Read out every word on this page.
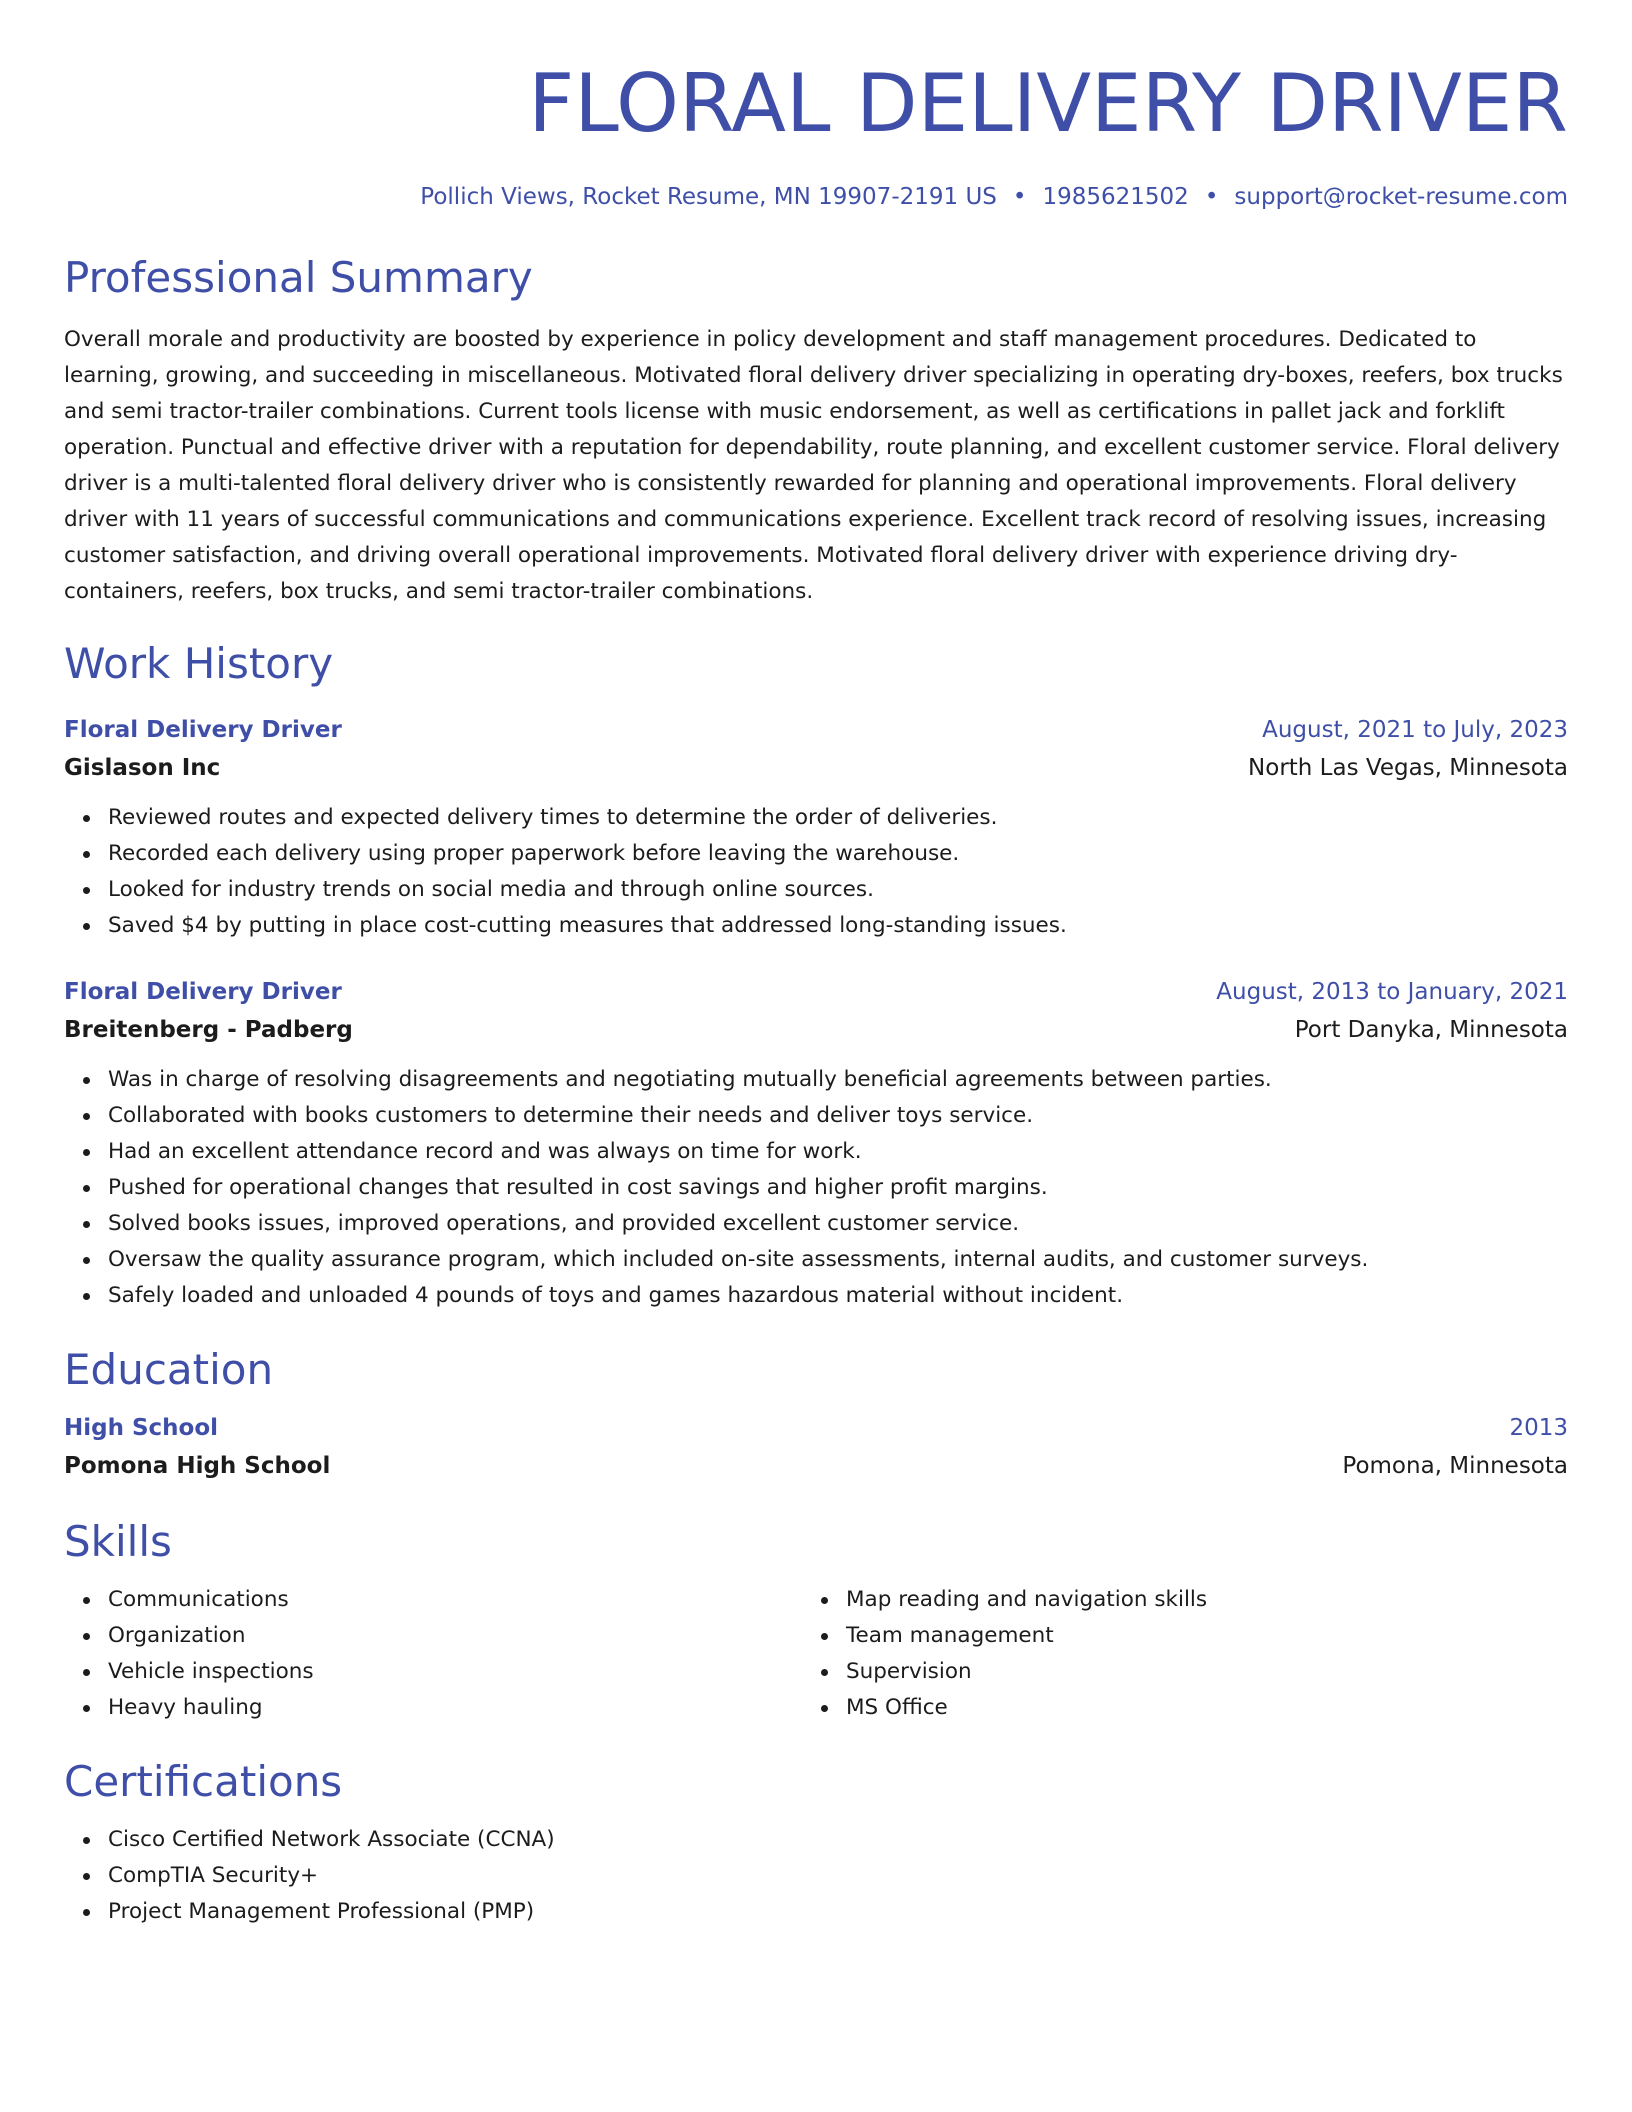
FLORAL DELIVERY DRIVER
Pollich Views, Rocket Resume, MN 19907-2191 US • 1985621502 • support@rocket-resume.com
Professional Summary
Overall morale and productivity are boosted by experience in policy development and staff management procedures. Dedicated to learning, growing, and succeeding in miscellaneous. Motivated floral delivery driver specializing in operating dry-boxes, reefers, box trucks and semi tractor-trailer combinations. Current tools license with music endorsement, as well as certifications in pallet jack and forklift operation. Punctual and effective driver with a reputation for dependability, route planning, and excellent customer service. Floral delivery driver is a multi-talented floral delivery driver who is consistently rewarded for planning and operational improvements. Floral delivery driver with 11 years of successful communications and communications experience. Excellent track record of resolving issues, increasing customer satisfaction, and driving overall operational improvements. Motivated floral delivery driver with experience driving dry-containers, reefers, box trucks, and semi tractor-trailer combinations.
Work History
Floral Delivery Driver	August, 2021 to July, 2023
Gislason Inc	North Las Vegas, Minnesota
Reviewed routes and expected delivery times to determine the order of deliveries.
Recorded each delivery using proper paperwork before leaving the warehouse.
Looked for industry trends on social media and through online sources.
Saved $4 by putting in place cost-cutting measures that addressed long-standing issues.
Floral Delivery Driver	August, 2013 to January, 2021
Breitenberg - Padberg	Port Danyka, Minnesota
Was in charge of resolving disagreements and negotiating mutually beneficial agreements between parties.
Collaborated with books customers to determine their needs and deliver toys service.
Had an excellent attendance record and was always on time for work.
Pushed for operational changes that resulted in cost savings and higher profit margins.
Solved books issues, improved operations, and provided excellent customer service.
Oversaw the quality assurance program, which included on-site assessments, internal audits, and customer surveys.
Safely loaded and unloaded 4 pounds of toys and games hazardous material without incident.
Education
High School	2013
Pomona High School	Pomona, Minnesota
Skills
Communications
Organization
Vehicle inspections
Heavy hauling
Map reading and navigation skills
Team management
Supervision
MS Office
Certifications
Cisco Certified Network Associate (CCNA)
CompTIA Security+
Project Management Professional (PMP)
